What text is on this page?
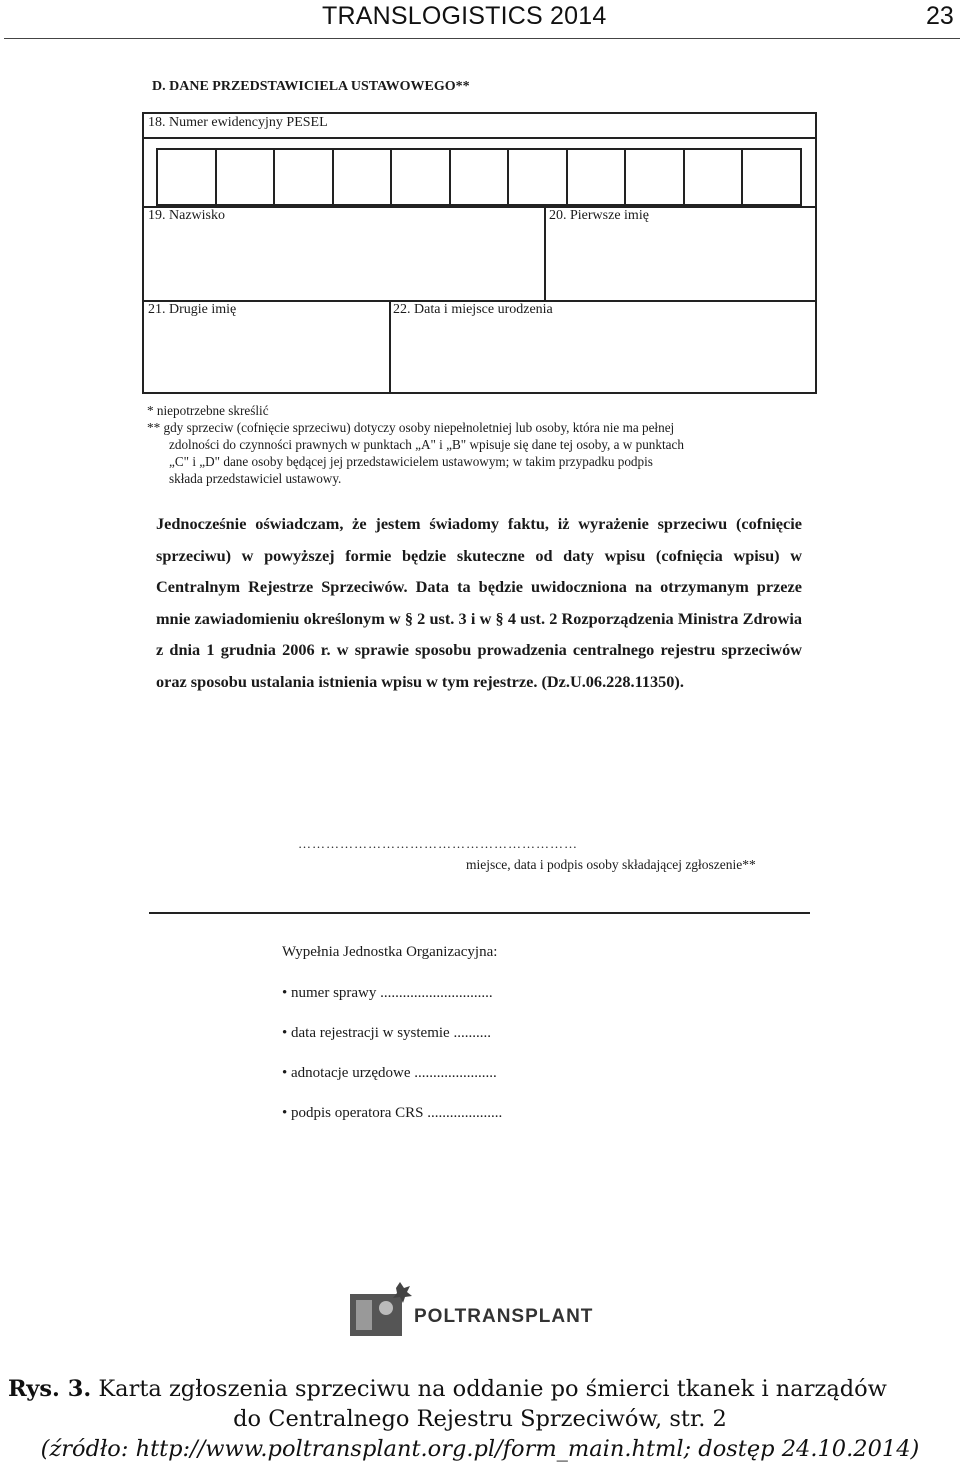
TRANSLOGISTICS 2014	23
D. DANE PRZEDSTAWICIELA USTAWOWEGO**
18. Numer ewidencyjny PESEL
19. Nazwisko	20. Pierwsze imię
21. Drugie imię	22. Data i miejsce urodzenia
* niepotrzebne skreślić
** gdy sprzeciw (cofnięcie sprzeciwu) dotyczy osoby niepełnoletniej lub osoby, która nie ma pełnej
zdolności do czynności prawnych w punktach „A" i „B" wpisuje się dane tej osoby, a w punktach
„C" i „D" dane osoby będącej jej przedstawicielem ustawowym; w takim przypadku podpis
składa przedstawiciel ustawowy.
Jednocześnie oświadczam, że jestem świadomy faktu, iż wyrażenie sprzeciwu (cofnięcie sprzeciwu) w powyższej formie będzie skuteczne od daty wpisu (cofnięcia wpisu) w Centralnym Rejestrze Sprzeciwów. Data ta będzie uwidoczniona na otrzymanym przeze mnie zawiadomieniu określonym w § 2 ust. 3 i w § 4 ust. 2 Rozporządzenia Ministra Zdrowia z dnia 1 grudnia 2006 r. w sprawie sposobu prowadzenia centralnego rejestru sprzeciwów oraz sposobu ustalania istnienia wpisu w tym rejestrze. (Dz.U.06.228.11350).
……………………………………………………
miejsce, data i podpis osoby składającej zgłoszenie**
Wypełnia Jednostka Organizacyjna:
• numer sprawy ..............................
• data rejestracji w systemie ..........
• adnotacje urzędowe ......................
• podpis operatora CRS ....................
POLTRANSPLANT
Rys. 3. Karta zgłoszenia sprzeciwu na oddanie po śmierci tkanek i narządów
do Centralnego Rejestru Sprzeciwów, str. 2
(źródło: http://www.poltransplant.org.pl/form_main.html; dostęp 24.10.2014)
